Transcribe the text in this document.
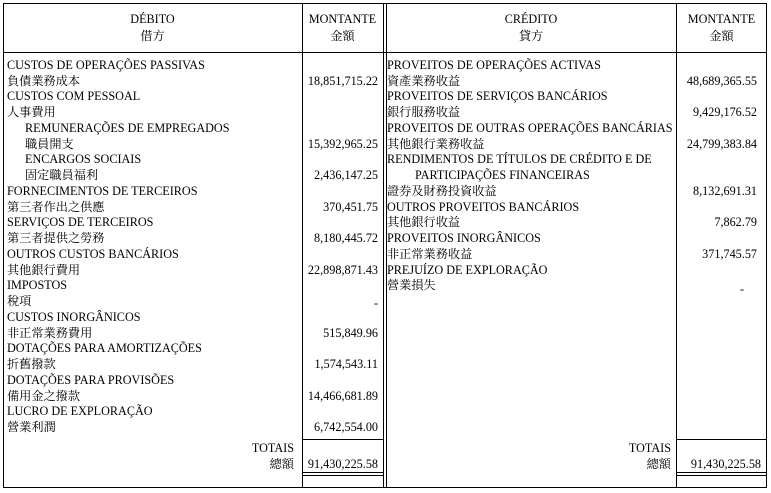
DÉBITO
借方
MONTANTE
金額
CRÉDITO
貸方
MONTANTE
金額
CUSTOS DE OPERAÇÕES PASSIVAS
負債業務成本	18,851,715.22
CUSTOS COM PESSOAL
人事費用
REMUNERAÇÕES DE EMPREGADOS
職員開支	15,392,965.25
ENCARGOS SOCIAIS
固定職員福利	2,436,147.25
FORNECIMENTOS DE TERCEIROS
第三者作出之供應	370,451.75
SERVIÇOS DE TERCEIROS
第三者提供之勞務	8,180,445.72
OUTROS CUSTOS BANCÁRIOS
其他銀行費用	22,898,871.43
IMPOSTOS
稅項	-
CUSTOS INORGÂNICOS
非正常業務費用	515,849.96
DOTAÇÕES PARA AMORTIZAÇÕES
折舊撥款	1,574,543.11
DOTAÇÕES PARA PROVISÕES
備用金之撥款	14,466,681.89
LUCRO DE EXPLORAÇÃO
營業利潤	6,742,554.00
PROVEITOS DE OPERAÇÕES ACTIVAS
資產業務收益	48,689,365.55
PROVEITOS DE SERVIÇOS BANCÁRIOS
銀行服務收益	9,429,176.52
PROVEITOS DE OUTRAS OPERAÇÕES BANCÁRIAS
其他銀行業務收益	24,799,383.84
RENDIMENTOS DE TÍTULOS DE CRÉDITO E DE
PARTICIPAÇÕES FINANCEIRAS
證券及財務投資收益	8,132,691.31
OUTROS PROVEITOS BANCÁRIOS
其他銀行收益	7,862.79
PROVEITOS INORGÂNICOS
非正常業務收益	371,745.57
PREJUÍZO DE EXPLORAÇÃO
營業損失	-
TOTAIS
總額	91,430,225.58
TOTAIS
總額	91,430,225.58
